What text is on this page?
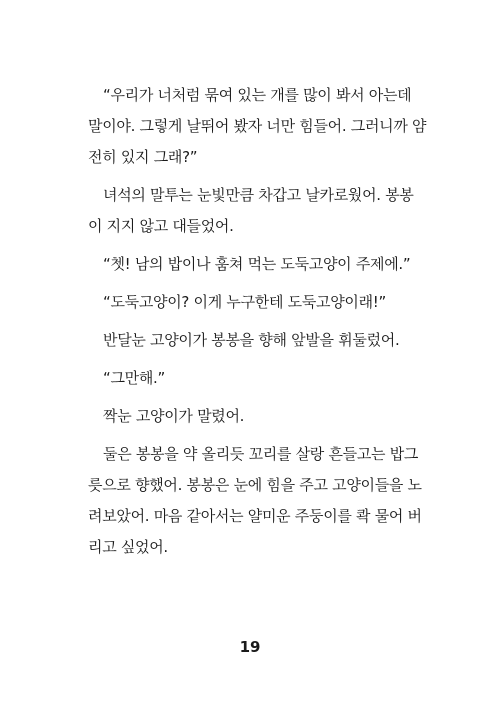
“우리가 너처럼 묶여 있는 개를 많이 봐서 아는데
말이야. 그렇게 날뛰어 봤자 너만 힘들어. 그러니까 얌
전히 있지 그래?”

녀석의 말투는 눈빛만큼 차갑고 날카로웠어. 봉봉
이 지지 않고 대들었어.

“쳇! 남의 밥이나 훔쳐 먹는 도둑고양이 주제에.”

“도둑고양이? 이게 누구한테 도둑고양이래!”

반달눈 고양이가 봉봉을 향해 앞발을 휘둘렀어.

“그만해.”

짝눈 고양이가 말렸어.

둘은 봉봉을 약 올리듯 꼬리를 살랑 흔들고는 밥그
릇으로 향했어. 봉봉은 눈에 힘을 주고 고양이들을 노
려보았어. 마음 같아서는 얄미운 주둥이를 콱 물어 버
리고 싶었어.

19
